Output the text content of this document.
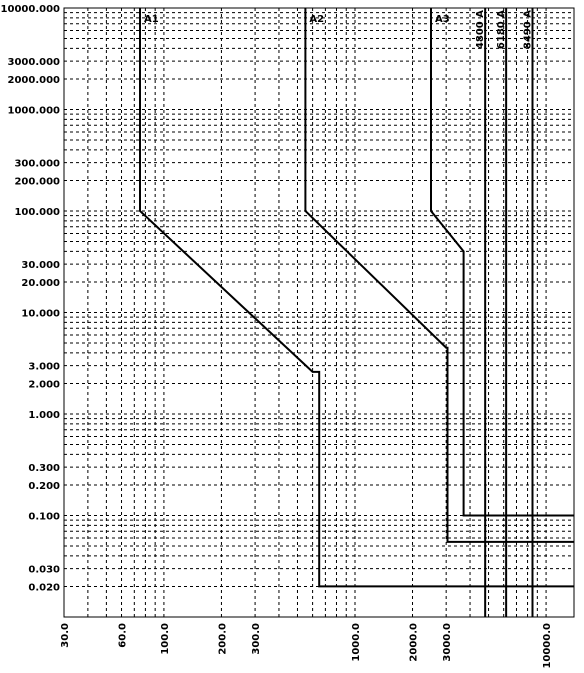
10000.000
3000.000
2000.000
1000.000
300.000
200.000
100.000
30.000
20.000
10.000
3.000
2.000
1.000
0.300
0.200
0.100
0.030
0.020
30.0	60.0	100.0	200.0 300.0	1000.0	2000.0 3000.0	10000.0
4800 A 6180 A 8490 A
A1	A2	A3
